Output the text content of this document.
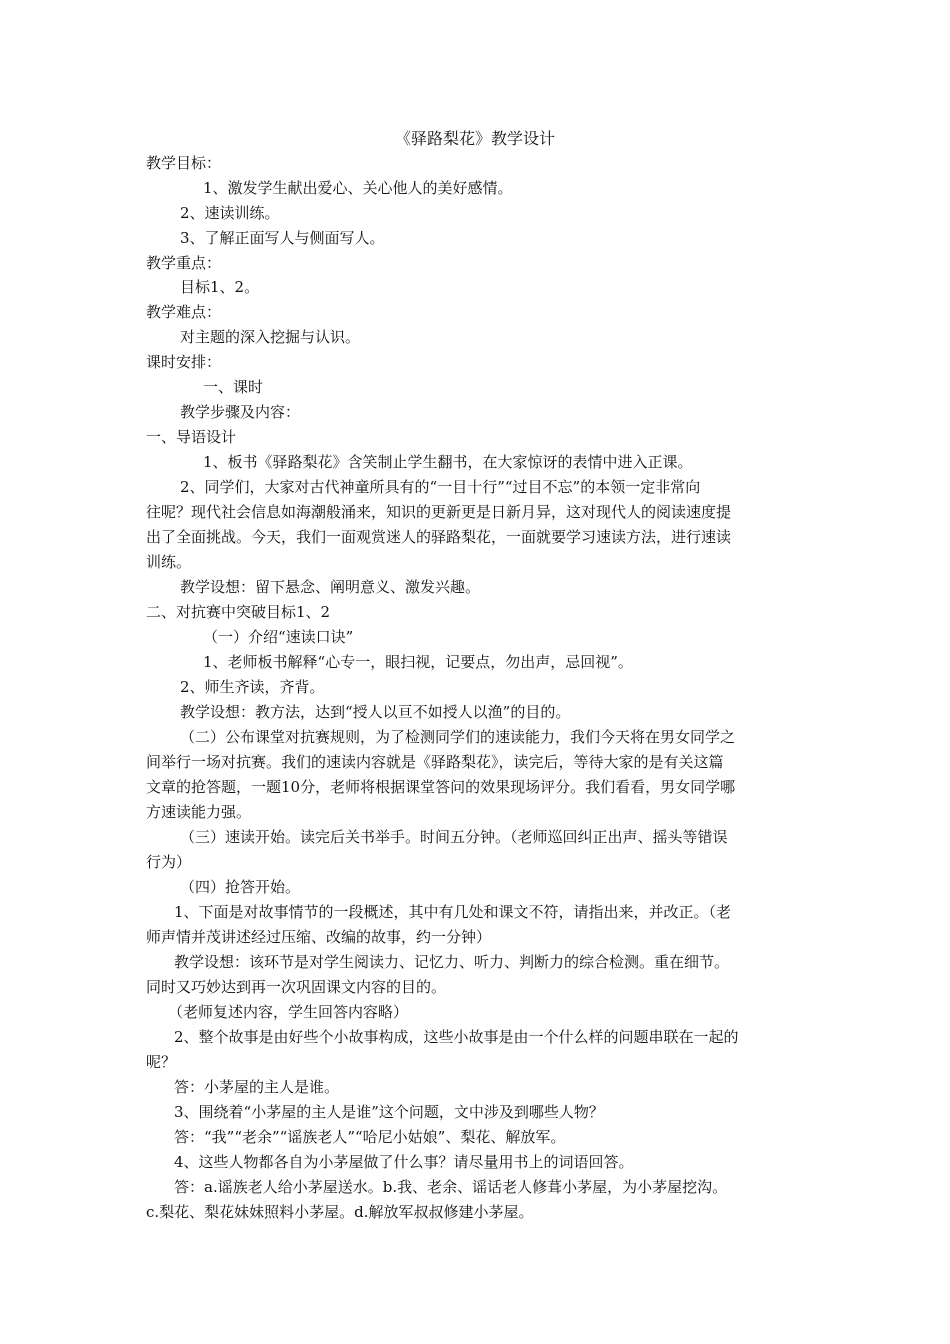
《驿路梨花》教学设计
教学目标：
1、激发学生献出爱心、关心他人的美好感情。
2、速读训练。
3、了解正面写人与侧面写人。
教学重点：
目标1、2。
教学难点：
对主题的深入挖掘与认识。
课时安排：
一、课时
教学步骤及内容：
一、导语设计
1、板书《驿路梨花》含笑制止学生翻书，在大家惊讶的表情中进入正课。
2、同学们，大家对古代神童所具有的“一目十行”“过目不忘”的本领一定非常向
往呢？现代社会信息如海潮般涌来，知识的更新更是日新月异，这对现代人的阅读速度提
出了全面挑战。今天，我们一面观赏迷人的驿路梨花，一面就要学习速读方法，进行速读
训练。
教学设想：留下悬念、阐明意义、激发兴趣。
二、对抗赛中突破目标1、2
（一）介绍“速读口诀”
1、老师板书解释“心专一，眼扫视，记要点，勿出声，忌回视”。
2、师生齐读，齐背。
教学设想：教方法，达到“授人以亘不如授人以渔”的目的。
（二）公布课堂对抗赛规则，为了检测同学们的速读能力，我们今天将在男女同学之
间举行一场对抗赛。我们的速读内容就是《驿路梨花》，读完后，等待大家的是有关这篇
文章的抢答题，一题10分，老师将根据课堂答问的效果现场评分。我们看看，男女同学哪
方速读能力强。
（三）速读开始。读完后关书举手。时间五分钟。（老师巡回纠正出声、摇头等错误
行为）
（四）抢答开始。
1、下面是对故事情节的一段概述，其中有几处和课文不符，请指出来，并改正。（老
师声情并茂讲述经过压缩、改编的故事，约一分钟）
教学设想：该环节是对学生阅读力、记忆力、听力、判断力的综合检测。重在细节。
同时又巧妙达到再一次巩固课文内容的目的。
（老师复述内容，学生回答内容略）
2、整个故事是由好些个小故事构成，这些小故事是由一个什么样的问题串联在一起的
呢？
答：小茅屋的主人是谁。
3、围绕着“小茅屋的主人是谁”这个问题，文中涉及到哪些人物？
答：“我”“老余”“谣族老人”“哈尼小姑娘”、梨花、解放军。
4、这些人物都各自为小茅屋做了什么事？请尽量用书上的词语回答。
答：a.谣族老人给小茅屋送水。b.我、老余、谣话老人修葺小茅屋，为小茅屋挖沟。
c.梨花、梨花妹妹照料小茅屋。d.解放军叔叔修建小茅屋。
